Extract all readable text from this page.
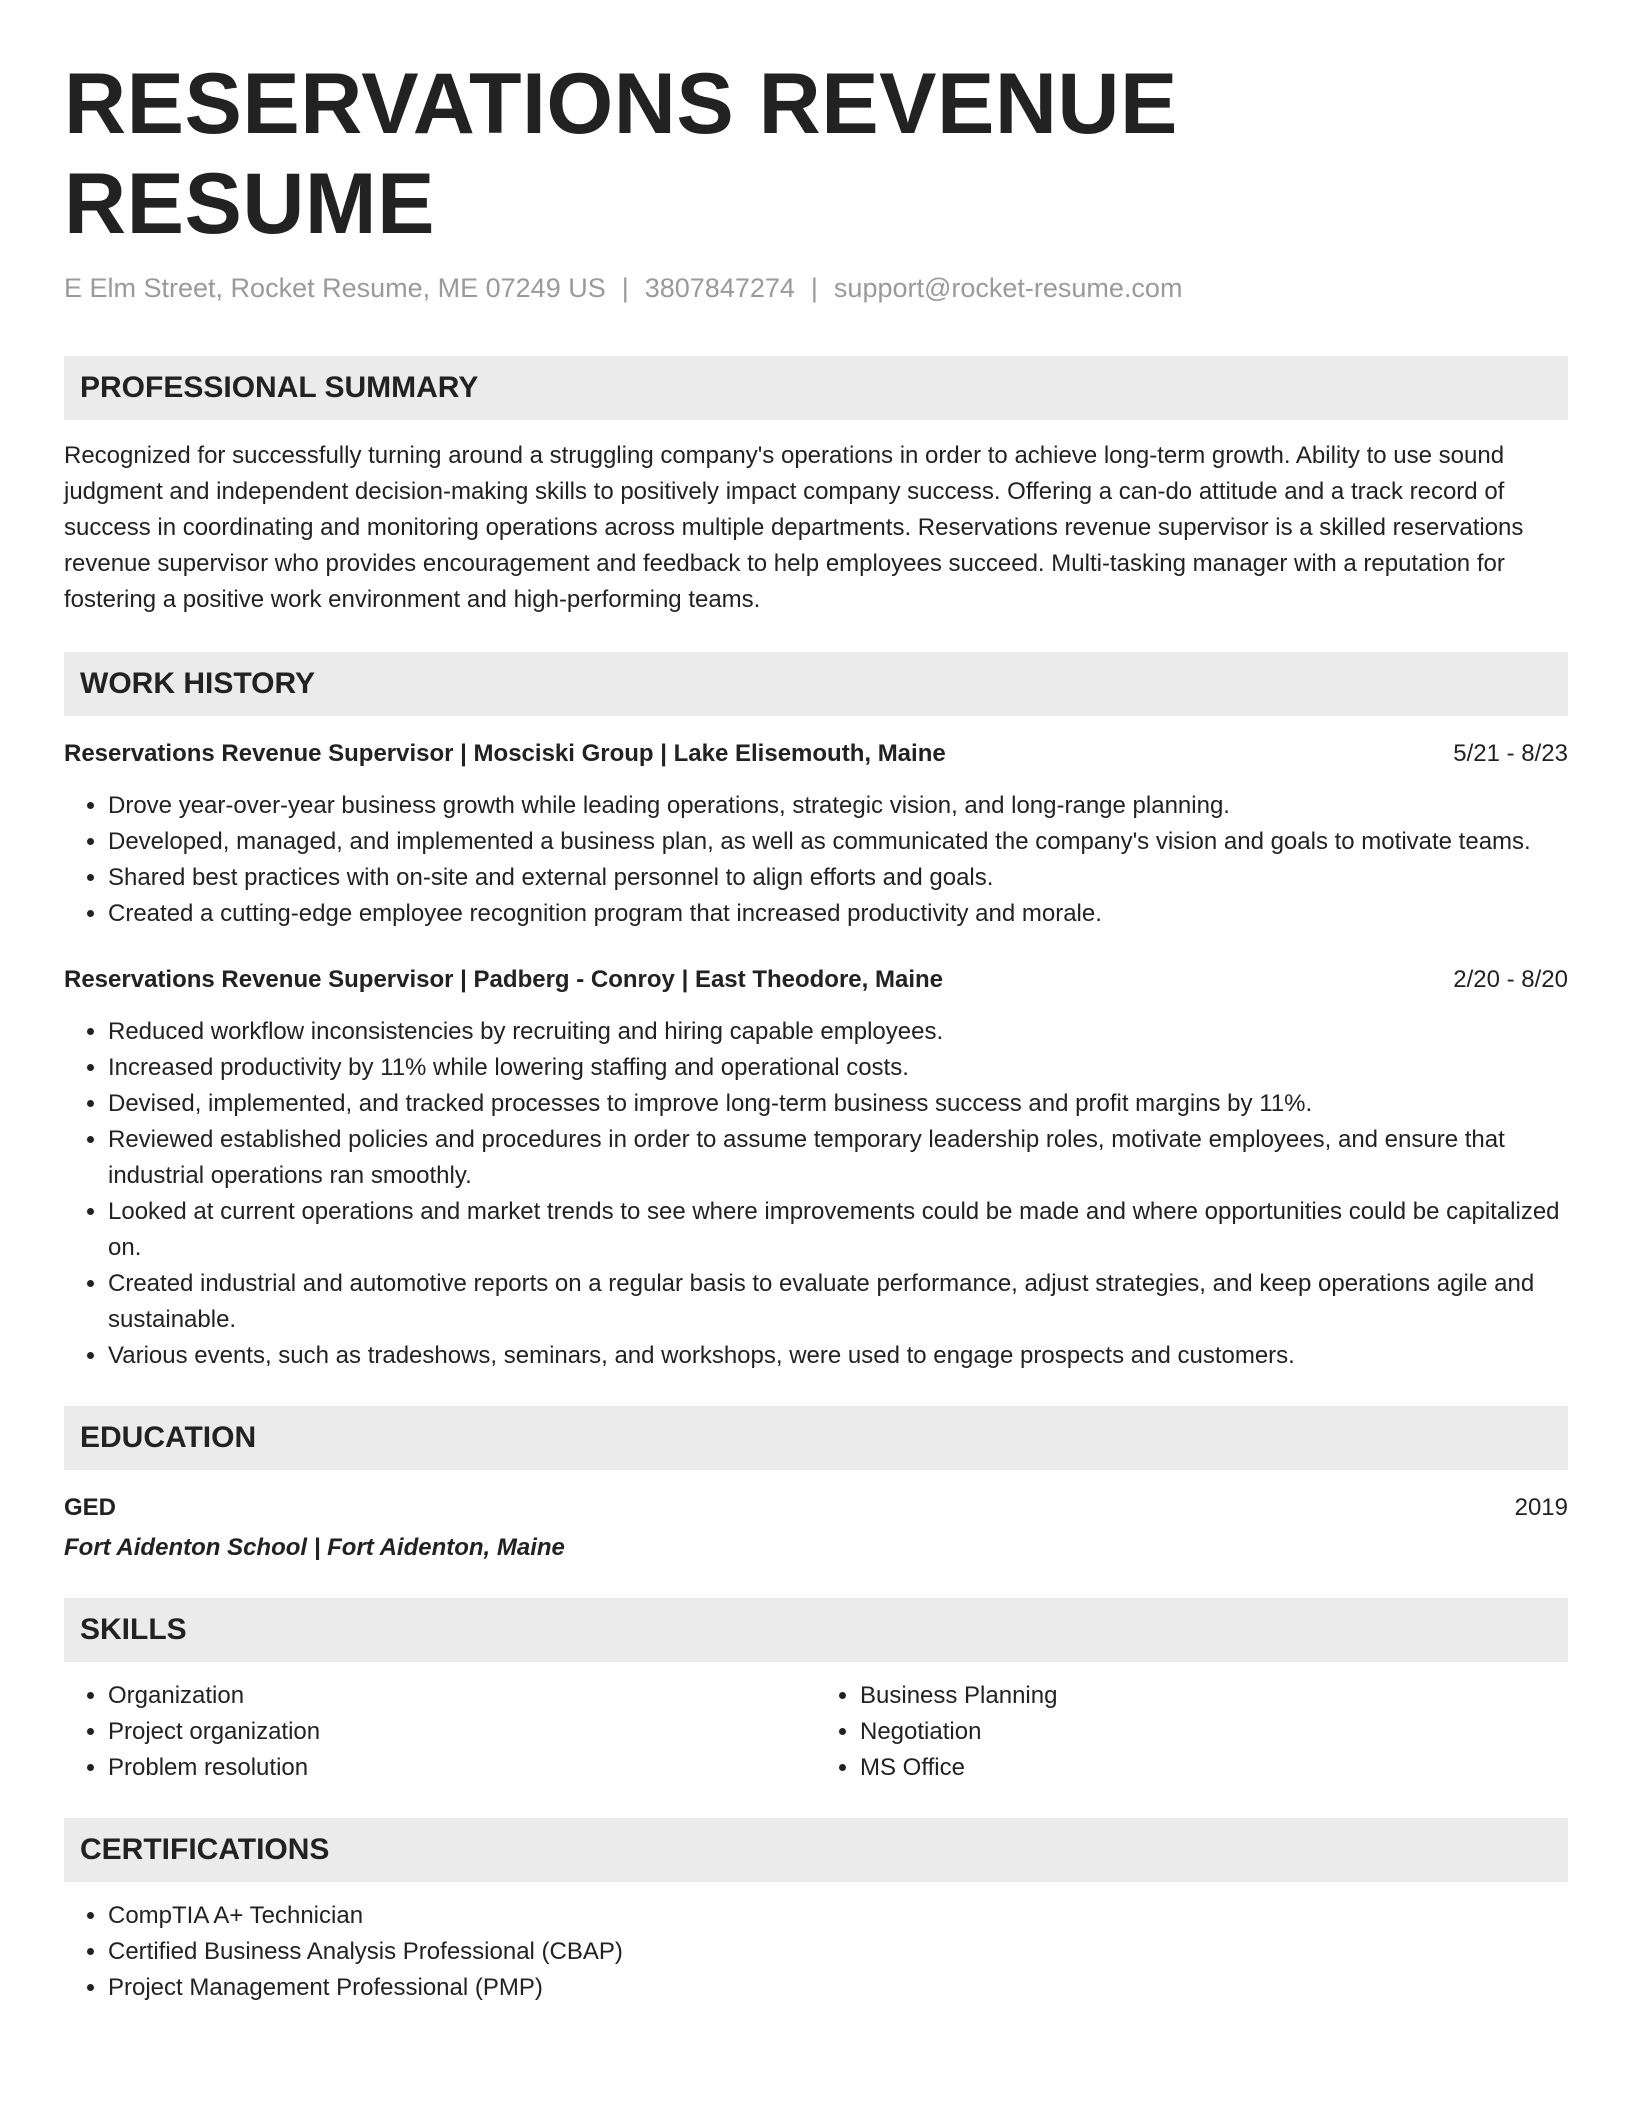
RESERVATIONS REVENUE RESUME
E Elm Street, Rocket Resume, ME 07249 US | 3807847274 | support@rocket-resume.com
PROFESSIONAL SUMMARY
Recognized for successfully turning around a struggling company's operations in order to achieve long-term growth. Ability to use sound judgment and independent decision-making skills to positively impact company success. Offering a can-do attitude and a track record of success in coordinating and monitoring operations across multiple departments. Reservations revenue supervisor is a skilled reservations revenue supervisor who provides encouragement and feedback to help employees succeed. Multi-tasking manager with a reputation for fostering a positive work environment and high-performing teams.
WORK HISTORY
Reservations Revenue Supervisor | Mosciski Group | Lake Elisemouth, Maine	5/21 - 8/23
• Drove year-over-year business growth while leading operations, strategic vision, and long-range planning.
• Developed, managed, and implemented a business plan, as well as communicated the company's vision and goals to motivate teams.
• Shared best practices with on-site and external personnel to align efforts and goals.
• Created a cutting-edge employee recognition program that increased productivity and morale.
Reservations Revenue Supervisor | Padberg - Conroy | East Theodore, Maine	2/20 - 8/20
• Reduced workflow inconsistencies by recruiting and hiring capable employees.
• Increased productivity by 11% while lowering staffing and operational costs.
• Devised, implemented, and tracked processes to improve long-term business success and profit margins by 11%.
• Reviewed established policies and procedures in order to assume temporary leadership roles, motivate employees, and ensure that industrial operations ran smoothly.
• Looked at current operations and market trends to see where improvements could be made and where opportunities could be capitalized on.
• Created industrial and automotive reports on a regular basis to evaluate performance, adjust strategies, and keep operations agile and sustainable.
• Various events, such as tradeshows, seminars, and workshops, were used to engage prospects and customers.
EDUCATION
GED	2019
Fort Aidenton School | Fort Aidenton, Maine
SKILLS
• Organization
• Project organization
• Problem resolution
• Business Planning
• Negotiation
• MS Office
CERTIFICATIONS
• CompTIA A+ Technician
• Certified Business Analysis Professional (CBAP)
• Project Management Professional (PMP)
